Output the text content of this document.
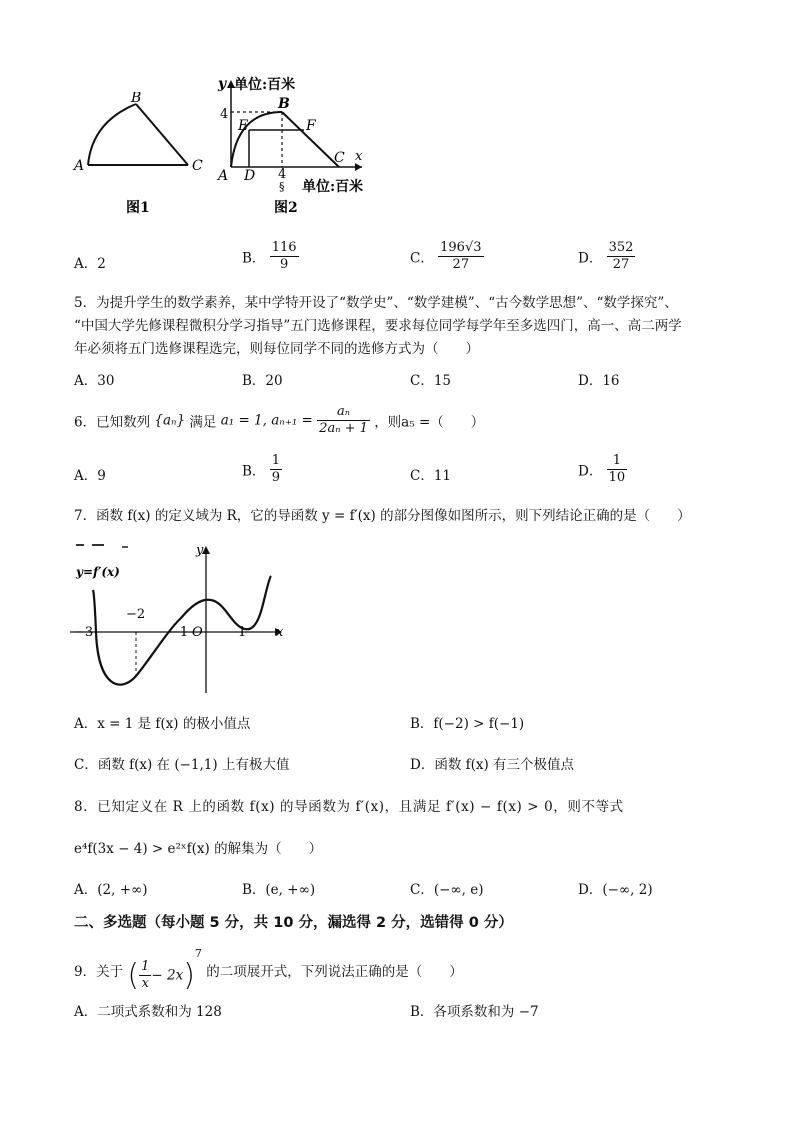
A
B
C
图1
y 单位:百米
4
B
E	F
C x
A D 4
§ 单位:百米
图2
A．2	B． $\frac{116}{9}$	C． $\frac{196√3}{27}$	D． $\frac{352}{27}$
5．为提升学生的数学素养，某中学特开设了“数学史”、“数学建模”、“古今数学思想”、“数学探究”、
“中国大学先修课程微积分学习指导”五门选修课程，要求每位同学每学年至多选四门，高一、高二两学
年必须将五门选修课程选完，则每位同学不同的选修方式为（　　）
A．30	B．20	C．15	D．16
6．已知数列 {aₙ} 满足 a₁ = 1, $a_{n+1} = \frac{\text{aₙ}}{\text{2aₙ + 1}}$ ，则a₅ =（　　）
A．9	B． $\frac{1}{9}$	C．11	D． $\frac{1}{10}$
7．函数 f(x) 的定义域为 R，它的导函数 y = f′(x) 的部分图像如图所示，则下列结论正确的是（　　）
y=f′(x)
y
x
O
−3
−2
−1	1
A．x = 1 是 f(x) 的极小值点	B．f(−2) > f(−1)
C．函数 f(x) 在 (−1,1) 上有极大值	D．函数 f(x) 有三个极值点
8．已知定义在 R 上的函数 f(x) 的导函数为 f′(x)，且满足 f′(x) − f(x) > 0，则不等式
e⁴f(3x − 4) > e²ˣf(x) 的解集为（　　）
A．(2, +∞)	B．(e, +∞)	C．(−∞, e)	D．(−∞, 2)
二、多选题（每小题 5 分，共 10 分，漏选得 2 分，选错得 0 分）
9．关于 ( $\frac{1}{x} - 2x)^7$ 的二项展开式，下列说法正确的是（　　）
A．二项式系数和为 128	B．各项系数和为 −7
